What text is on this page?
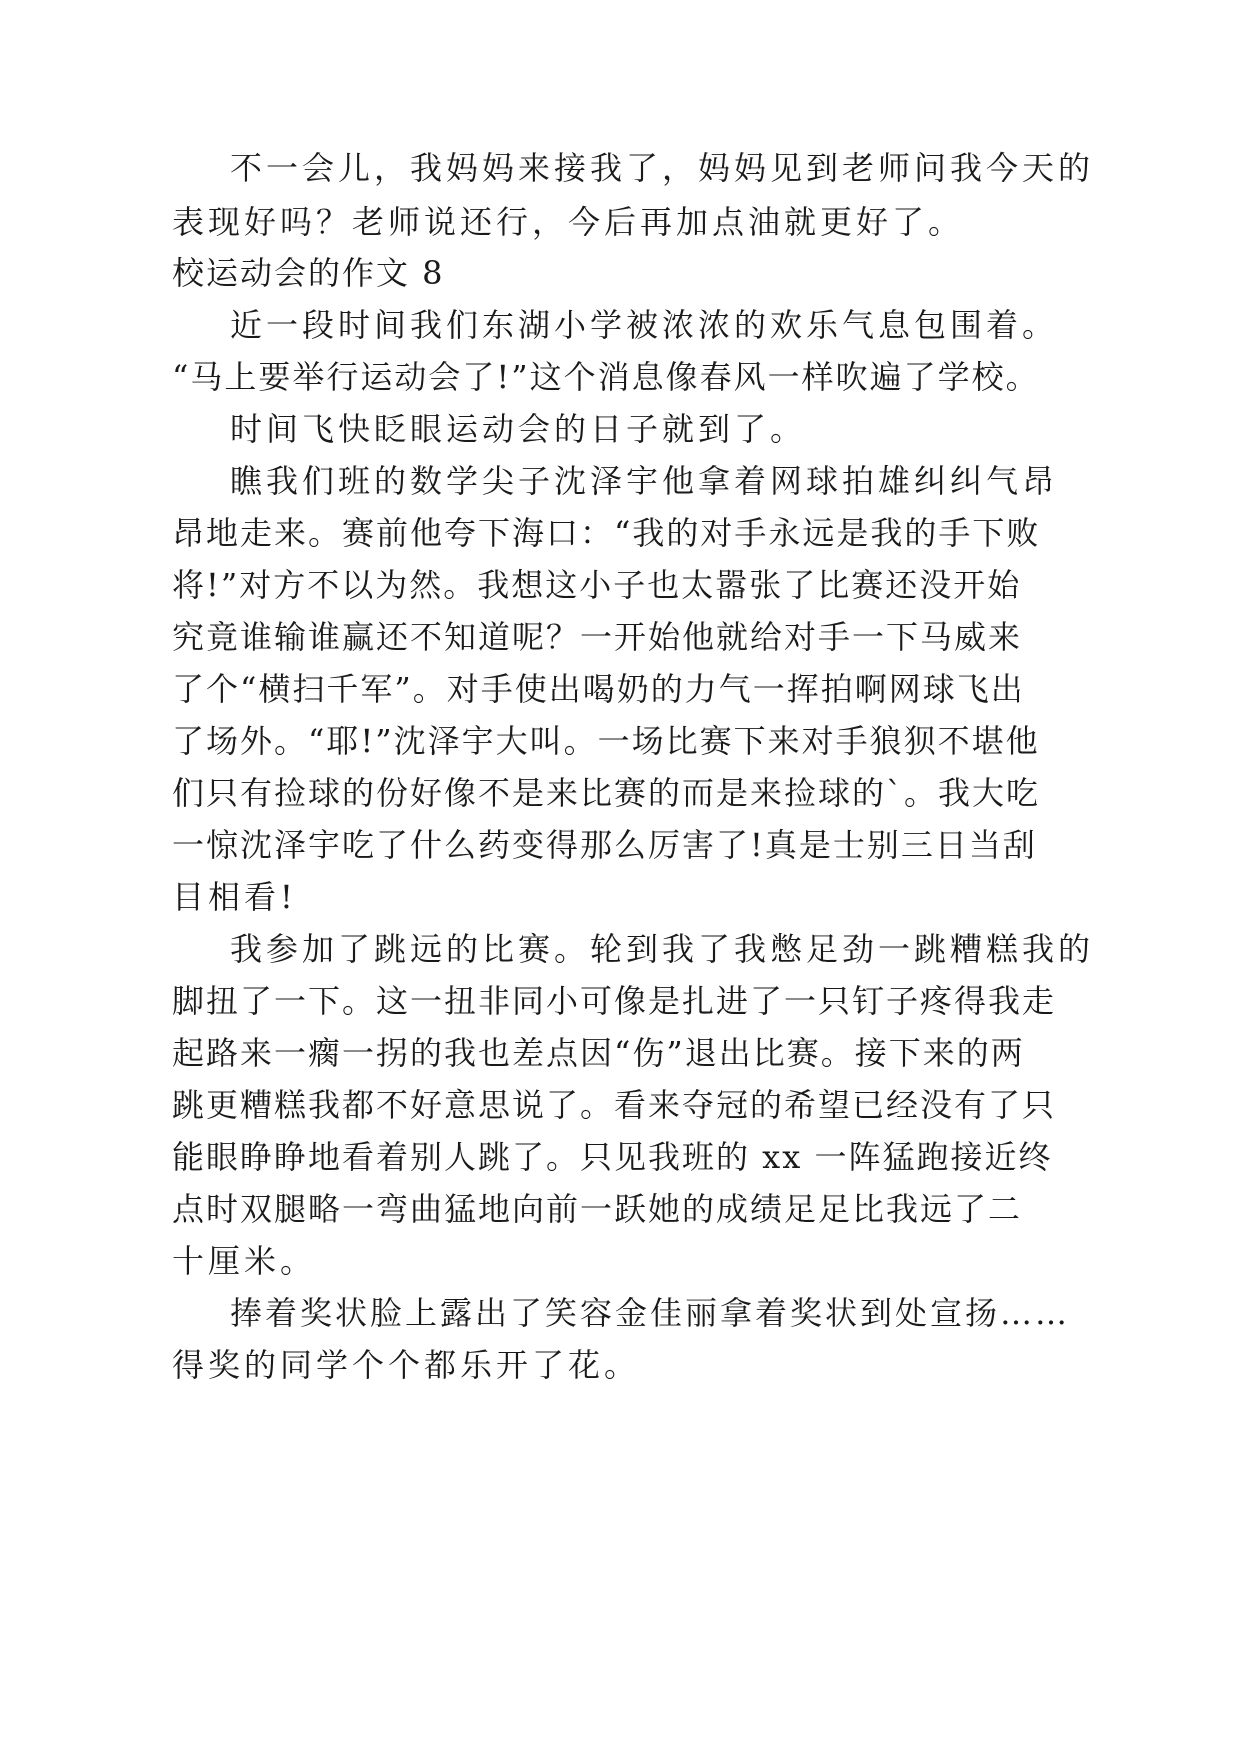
不一会儿，我妈妈来接我了，妈妈见到老师问我今天的

表现好吗？老师说还行，今后再加点油就更好了。

校运动会的作文 8

近一段时间我们东湖小学被浓浓的欢乐气息包围着。

“马上要举行运动会了!”这个消息像春风一样吹遍了学校。

时间飞快眨眼运动会的日子就到了。

瞧我们班的数学尖子沈泽宇他拿着网球拍雄纠纠气昂

昂地走来。赛前他夸下海口：“我的对手永远是我的手下败

将!”对方不以为然。我想这小子也太嚣张了比赛还没开始

究竟谁输谁赢还不知道呢？一开始他就给对手一下马威来

了个“横扫千军”。对手使出喝奶的力气一挥拍啊网球飞出

了场外。“耶!”沈泽宇大叫。一场比赛下来对手狼狈不堪他

们只有捡球的份好像不是来比赛的而是来捡球的`。我大吃

一惊沈泽宇吃了什么药变得那么厉害了!真是士别三日当刮

目相看!

我参加了跳远的比赛。轮到我了我憋足劲一跳糟糕我的

脚扭了一下。这一扭非同小可像是扎进了一只钉子疼得我走

起路来一瘸一拐的我也差点因“伤”退出比赛。接下来的两

跳更糟糕我都不好意思说了。看来夺冠的希望已经没有了只

能眼睁睁地看着别人跳了。只见我班的 xx 一阵猛跑接近终

点时双腿略一弯曲猛地向前一跃她的成绩足足比我远了二

十厘米。

捧着奖状脸上露出了笑容金佳丽拿着奖状到处宣扬……

得奖的同学个个都乐开了花。
